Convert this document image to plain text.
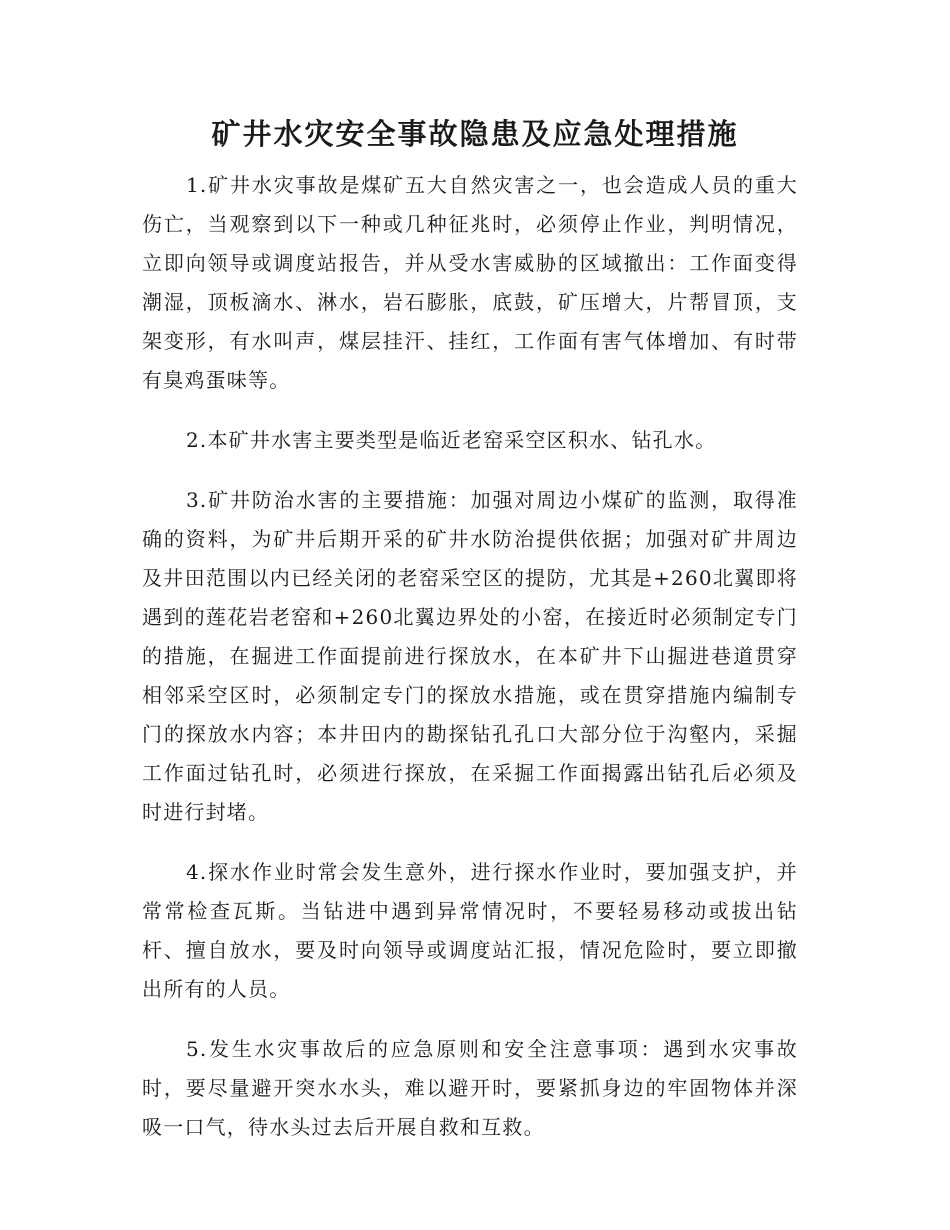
矿井水灾安全事故隐患及应急处理措施

1.矿井水灾事故是煤矿五大自然灾害之一，也会造成人员的重大伤亡，当观察到以下一种或几种征兆时，必须停止作业，判明情况，立即向领导或调度站报告，并从受水害威胁的区域撤出：工作面变得潮湿，顶板滴水、淋水，岩石膨胀，底鼓，矿压增大，片帮冒顶，支架变形，有水叫声，煤层挂汗、挂红，工作面有害气体增加、有时带有臭鸡蛋味等。

2.本矿井水害主要类型是临近老窑采空区积水、钻孔水。

3.矿井防治水害的主要措施：加强对周边小煤矿的监测，取得准确的资料，为矿井后期开采的矿井水防治提供依据；加强对矿井周边及井田范围以内已经关闭的老窑采空区的提防，尤其是+260北翼即将遇到的莲花岩老窑和+260北翼边界处的小窑，在接近时必须制定专门的措施，在掘进工作面提前进行探放水，在本矿井下山掘进巷道贯穿相邻采空区时，必须制定专门的探放水措施，或在贯穿措施内编制专门的探放水内容；本井田内的勘探钻孔孔口大部分位于沟壑内，采掘工作面过钻孔时，必须进行探放，在采掘工作面揭露出钻孔后必须及时进行封堵。

4.探水作业时常会发生意外，进行探水作业时，要加强支护，并常常检查瓦斯。当钻进中遇到异常情况时，不要轻易移动或拔出钻杆、擅自放水，要及时向领导或调度站汇报，情况危险时，要立即撤出所有的人员。

5.发生水灾事故后的应急原则和安全注意事项：遇到水灾事故时，要尽量避开突水水头，难以避开时，要紧抓身边的牢固物体并深吸一口气，待水头过去后开展自救和互救。
